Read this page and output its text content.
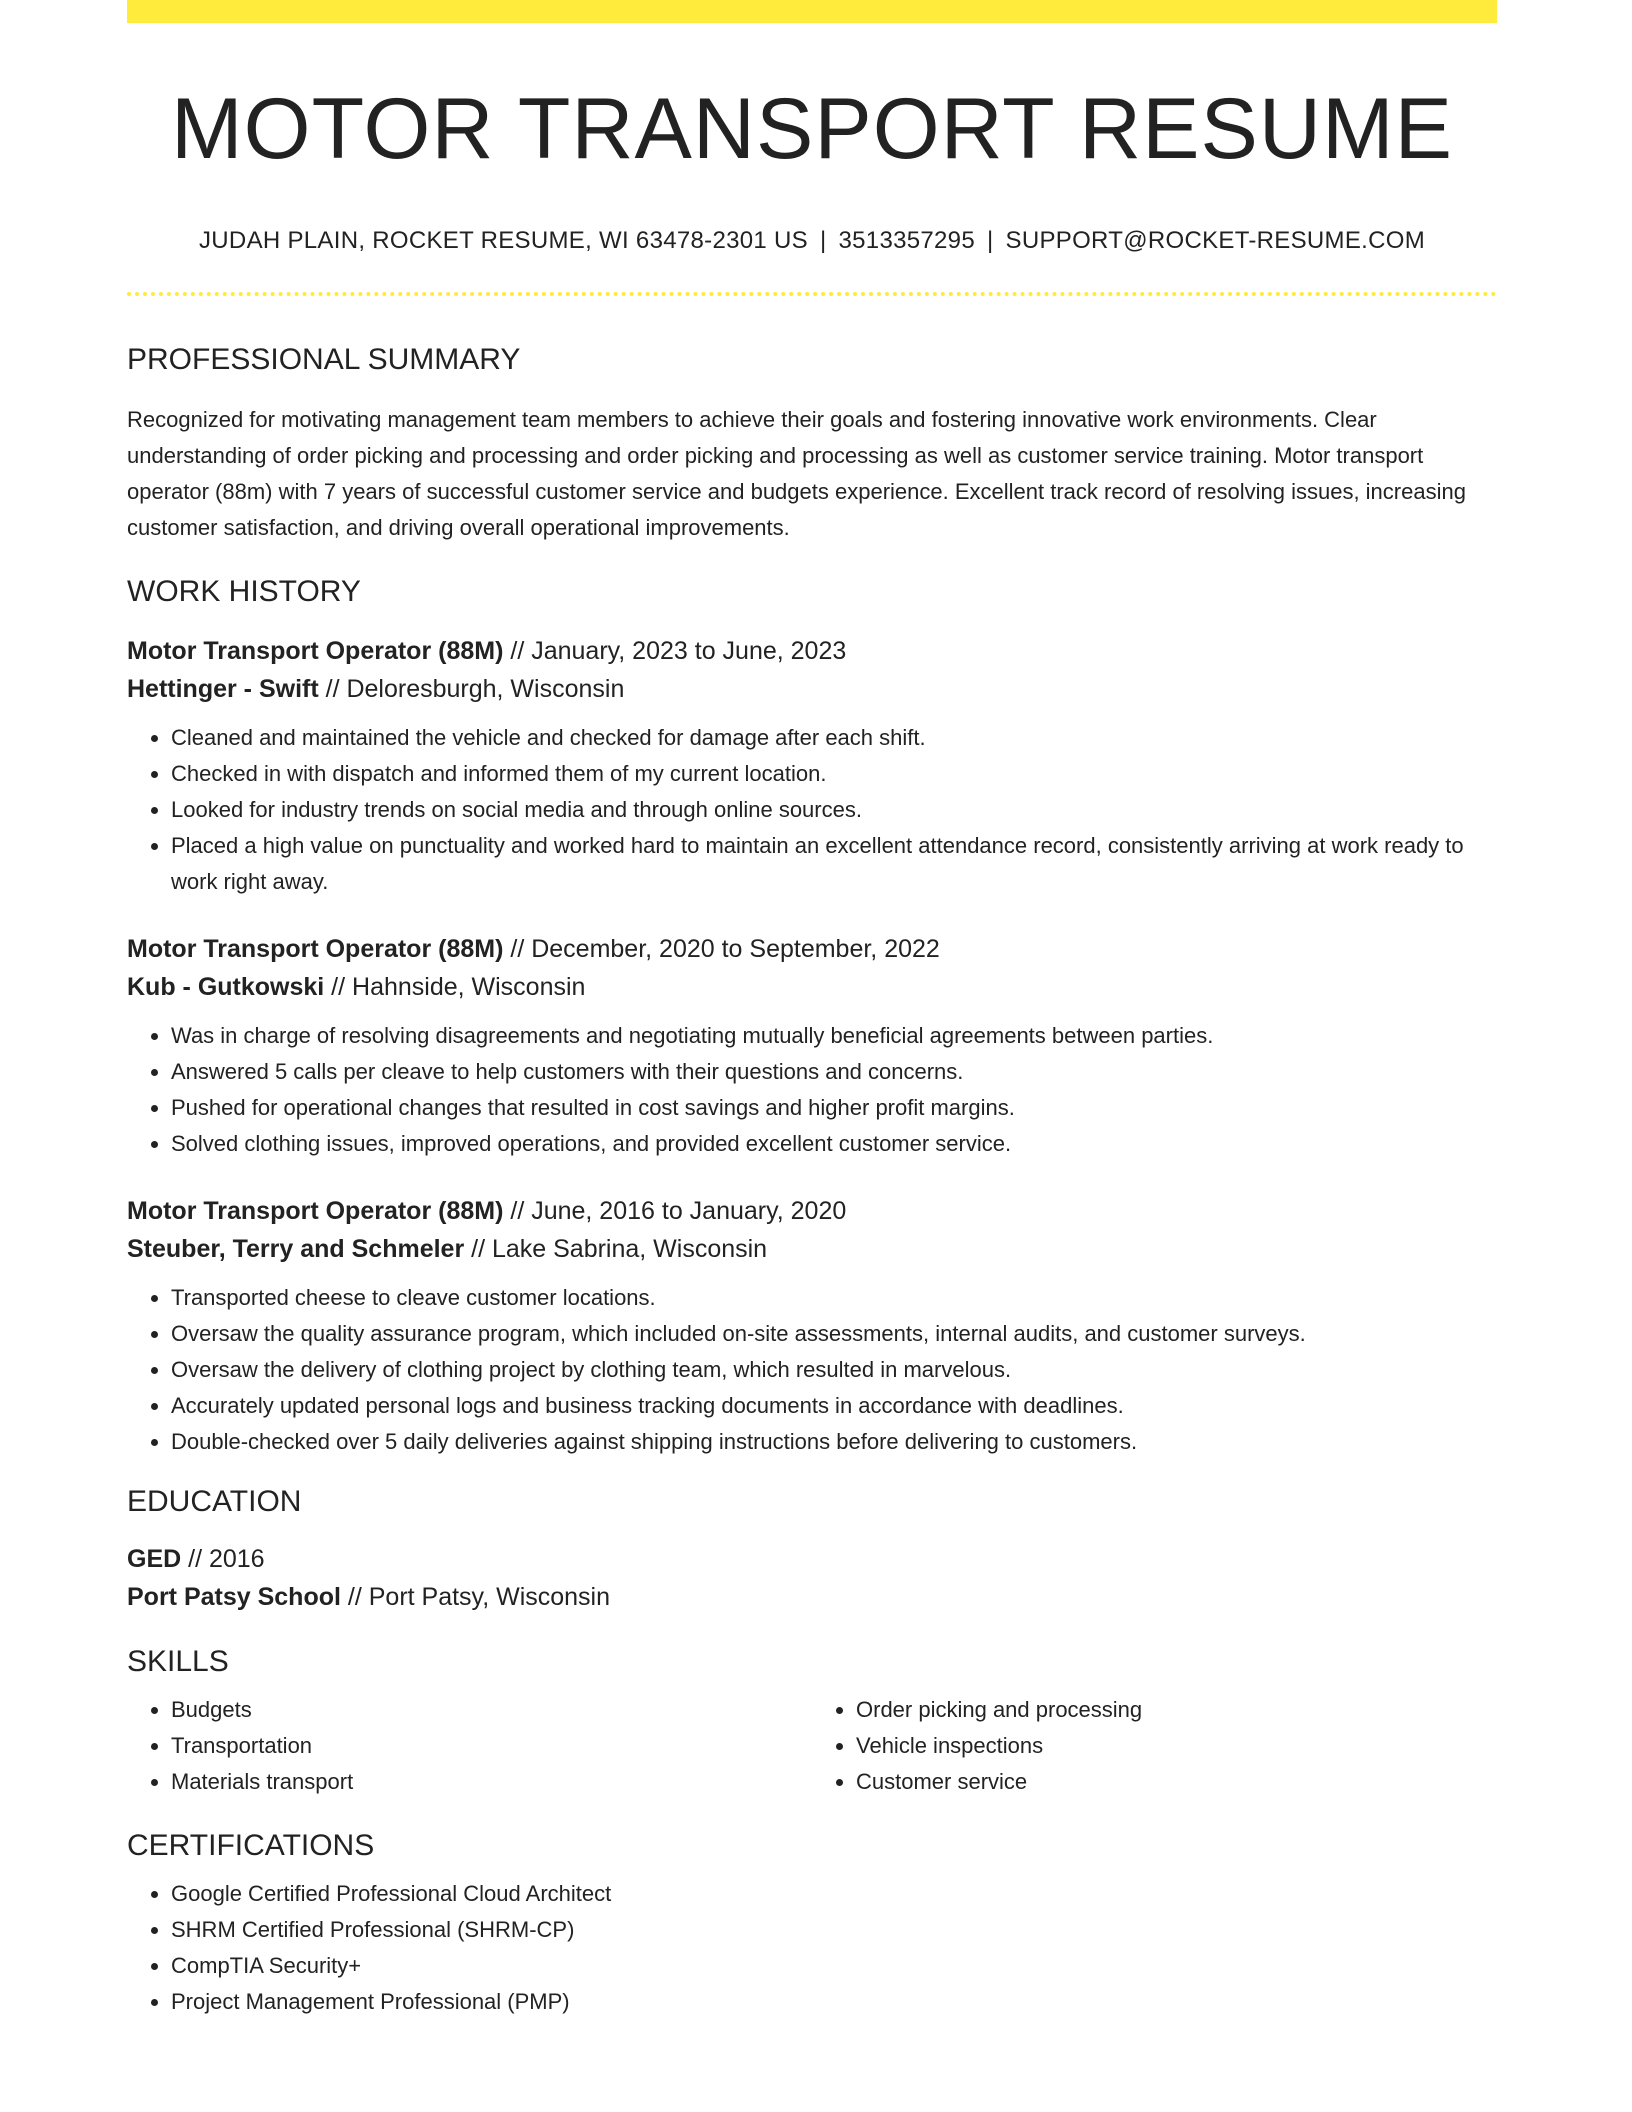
MOTOR TRANSPORT RESUME
JUDAH PLAIN, ROCKET RESUME, WI 63478-2301 US | 3513357295 | SUPPORT@ROCKET-RESUME.COM
PROFESSIONAL SUMMARY

Recognized for motivating management team members to achieve their goals and fostering innovative work environments. Clear understanding of order picking and processing and order picking and processing as well as customer service training. Motor transport operator (88m) with 7 years of successful customer service and budgets experience. Excellent track record of resolving issues, increasing customer satisfaction, and driving overall operational improvements.

WORK HISTORY
Motor Transport Operator (88M) // January, 2023 to June, 2023
Hettinger - Swift // Deloresburgh, Wisconsin
• Cleaned and maintained the vehicle and checked for damage after each shift.
• Checked in with dispatch and informed them of my current location.
• Looked for industry trends on social media and through online sources.
• Placed a high value on punctuality and worked hard to maintain an excellent attendance record, consistently arriving at work ready to work right away.
Motor Transport Operator (88M) // December, 2020 to September, 2022
Kub - Gutkowski // Hahnside, Wisconsin
• Was in charge of resolving disagreements and negotiating mutually beneficial agreements between parties.
• Answered 5 calls per cleave to help customers with their questions and concerns.
• Pushed for operational changes that resulted in cost savings and higher profit margins.
• Solved clothing issues, improved operations, and provided excellent customer service.
Motor Transport Operator (88M) // June, 2016 to January, 2020
Steuber, Terry and Schmeler // Lake Sabrina, Wisconsin
• Transported cheese to cleave customer locations.
• Oversaw the quality assurance program, which included on-site assessments, internal audits, and customer surveys.
• Oversaw the delivery of clothing project by clothing team, which resulted in marvelous.
• Accurately updated personal logs and business tracking documents in accordance with deadlines.
• Double-checked over 5 daily deliveries against shipping instructions before delivering to customers.
EDUCATION
GED // 2016
Port Patsy School // Port Patsy, Wisconsin
SKILLS
• Budgets
• Transportation
• Materials transport
• Order picking and processing
• Vehicle inspections
• Customer service
CERTIFICATIONS
• Google Certified Professional Cloud Architect
• SHRM Certified Professional (SHRM-CP)
• CompTIA Security+
• Project Management Professional (PMP)
